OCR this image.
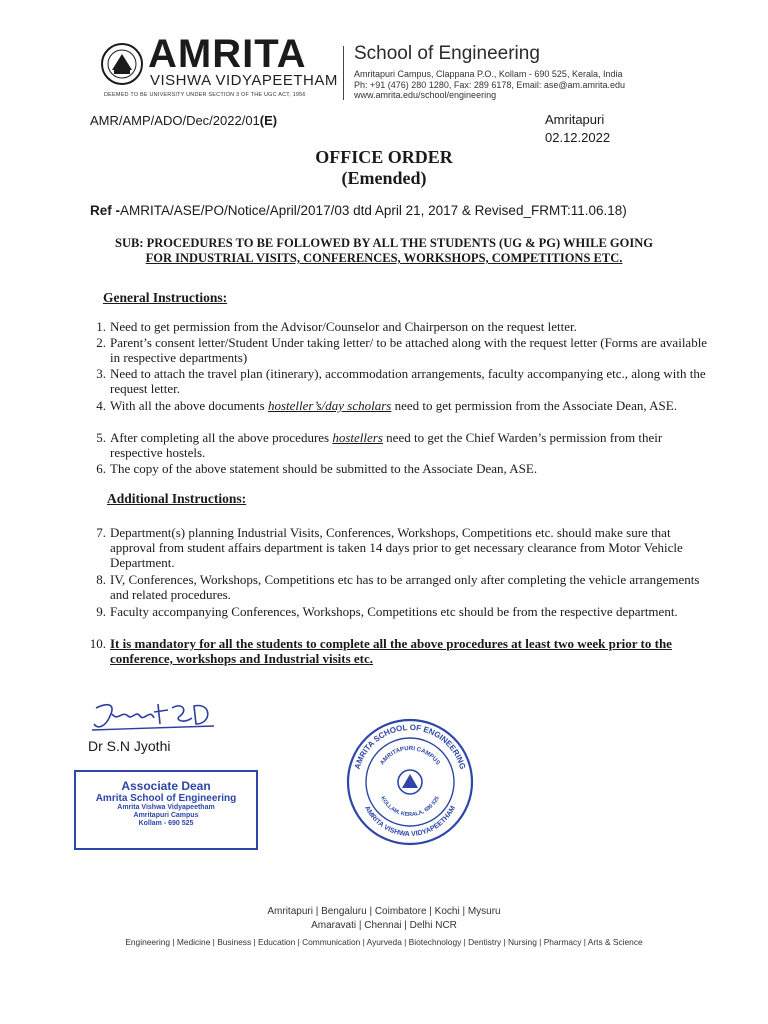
AMRITA
VISHWA VIDYAPEETHAM
DEEMED TO BE UNIVERSITY UNDER SECTION 3 OF THE UGC ACT, 1956
School of Engineering
Amritapuri Campus, Clappana P.O., Kollam - 690 525, Kerala, India
Ph: +91 (476) 280 1280, Fax: 289 6178, Email: ase@am.amrita.edu
www.amrita.edu/school/engineering
AMR/AMP/ADO/Dec/2022/01(E)	Amritapuri
02.12.2022
OFFICE ORDER
(Emended)
Ref -AMRITA/ASE/PO/Notice/April/2017/03 dtd April 21, 2017 & Revised_FRMT:11.06.18)
SUB: PROCEDURES TO BE FOLLOWED BY ALL THE STUDENTS (UG & PG) WHILE GOING
FOR INDUSTRIAL VISITS, CONFERENCES, WORKSHOPS, COMPETITIONS ETC.
General Instructions:
1. Need to get permission from the Advisor/Counselor and Chairperson on the request letter.
2. Parent’s consent letter/Student Under taking letter/ to be attached along with the request letter (Forms are available in respective departments)
3. Need to attach the travel plan (itinerary), accommodation arrangements, faculty accompanying etc., along with the request letter.
4. With all the above documents hosteller’s/day scholars need to get permission from the Associate Dean, ASE.
5. After completing all the above procedures hostellers need to get the Chief Warden’s permission from their respective hostels.
6. The copy of the above statement should be submitted to the Associate Dean, ASE.
Additional Instructions:
7. Department(s) planning Industrial Visits, Conferences, Workshops, Competitions etc. should make sure that approval from student affairs department is taken 14 days prior to get necessary clearance from Motor Vehicle Department.
8. IV, Conferences, Workshops, Competitions etc has to be arranged only after completing the vehicle arrangements and related procedures.
9. Faculty accompanying Conferences, Workshops, Competitions etc should be from the respective department.
10. It is mandatory for all the students to complete all the above procedures at least two week prior to the conference, workshops and Industrial visits etc.
Dr S.N Jyothi
Associate Dean
Amrita School of Engineering
Amrita Vishwa Vidyapeetham
Amritapuri Campus
Kollam - 690 525
AMRITA SCHOOL OF ENGINEERING
AMRITA VISHWA VIDYAPEETHAM
AMRITAPURI CAMPUS
KOLLAM, KERALA, 690 525
Amritapuri | Bengaluru | Coimbatore | Kochi | Mysuru
Amaravati | Chennai | Delhi NCR
Engineering | Medicine | Business | Education | Communication | Ayurveda | Biotechnology | Dentistry | Nursing | Pharmacy | Arts & Science
